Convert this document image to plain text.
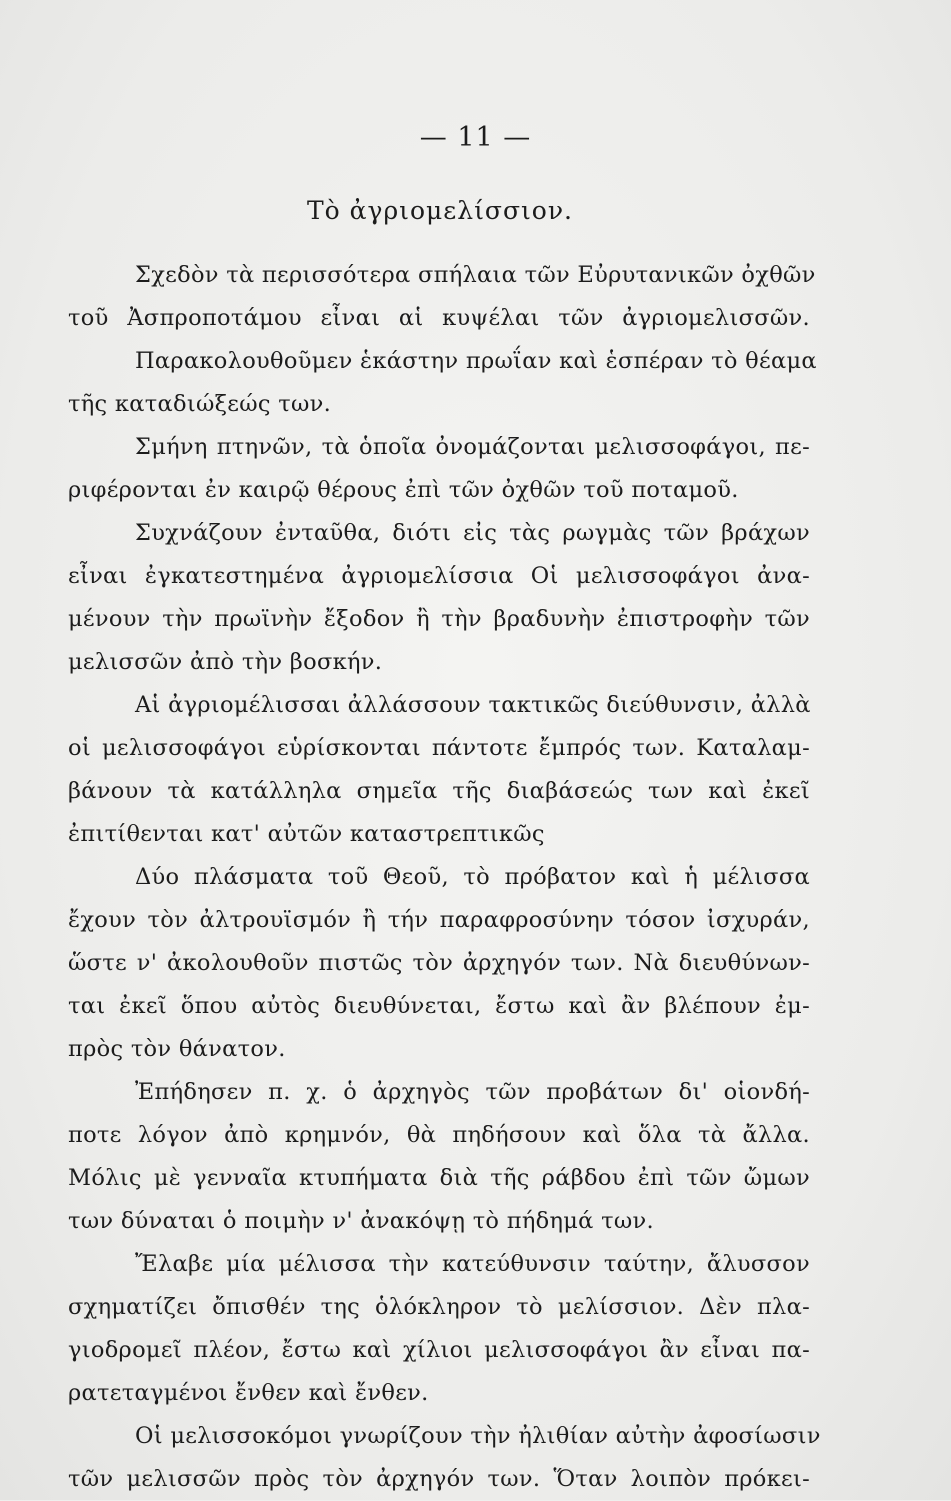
— 11 —
Τὸ ἀγριομελίσσιον.
Σχεδὸν τὰ περισσότερα σπήλαια τῶν Εὐρυτανικῶν ὀχθῶν
τοῦ Ἀσπροποτάμου εἶναι αἱ κυψέλαι τῶν ἀγριομελισσῶν.
Παρακολουθοῦμεν ἑκάστην πρωΐαν καὶ ἑσπέραν τὸ θέαμα
τῆς καταδιώξεώς των.
Σμήνη πτηνῶν, τὰ ὁποῖα ὀνομάζονται μελισσοφάγοι, πε-
ριφέρονται ἐν καιρῷ θέρους ἐπὶ τῶν ὀχθῶν τοῦ ποταμοῦ.
Συχνάζουν ἐνταῦθα, διότι εἰς τὰς ρωγμὰς τῶν βράχων
εἶναι ἐγκατεστημένα ἀγριομελίσσια Οἱ μελισσοφάγοι ἀνα-
μένουν τὴν πρωϊνὴν ἔξοδον ἢ τὴν βραδυνὴν ἐπιστροφὴν τῶν
μελισσῶν ἀπὸ τὴν βοσκήν.
Αἱ ἀγριομέλισσαι ἀλλάσσουν τακτικῶς διεύθυνσιν, ἀλλὰ
οἱ μελισσοφάγοι εὑρίσκονται πάντοτε ἔμπρός των. Καταλαμ-
βάνουν τὰ κατάλληλα σημεῖα τῆς διαβάσεώς των καὶ ἐκεῖ
ἐπιτίθενται κατ' αὐτῶν καταστρεπτικῶς
Δύο πλάσματα τοῦ Θεοῦ, τὸ πρόβατον καὶ ἡ μέλισσα
ἔχουν τὸν ἀλτρουϊσμόν ἢ τήν παραφροσύνην τόσον ἰσχυράν,
ὥστε ν' ἀκολουθοῦν πιστῶς τὸν ἀρχηγόν των. Νὰ διευθύνων-
ται ἐκεῖ ὅπου αὐτὸς διευθύνεται, ἔστω καὶ ἂν βλέπουν ἐμ-
πρὸς τὸν θάνατον.
Ἐπήδησεν π. χ. ὁ ἀρχηγὸς τῶν προβάτων δι' οἱονδή-
ποτε λόγον ἀπὸ κρημνόν, θὰ πηδήσουν καὶ ὅλα τὰ ἄλλα.
Μόλις μὲ γενναῖα κτυπήματα διὰ τῆς ράβδου ἐπὶ τῶν ὤμων
των δύναται ὁ ποιμὴν ν' ἀνακόψῃ τὸ πήδημά των.
Ἔλαβε μία μέλισσα τὴν κατεύθυνσιν ταύτην, ἄλυσσον
σχηματίζει ὄπισθέν της ὁλόκληρον τὸ μελίσσιον. Δὲν πλα-
γιοδρομεῖ πλέον, ἔστω καὶ χίλιοι μελισσοφάγοι ἂν εἶναι πα-
ρατεταγμένοι ἔνθεν καὶ ἔνθεν.
Οἱ μελισσοκόμοι γνωρίζουν τὴν ἠλιθίαν αὐτὴν ἀφοσίωσιν
τῶν μελισσῶν πρὸς τὸν ἀρχηγόν των. Ὅταν λοιπὸν πρόκει-
